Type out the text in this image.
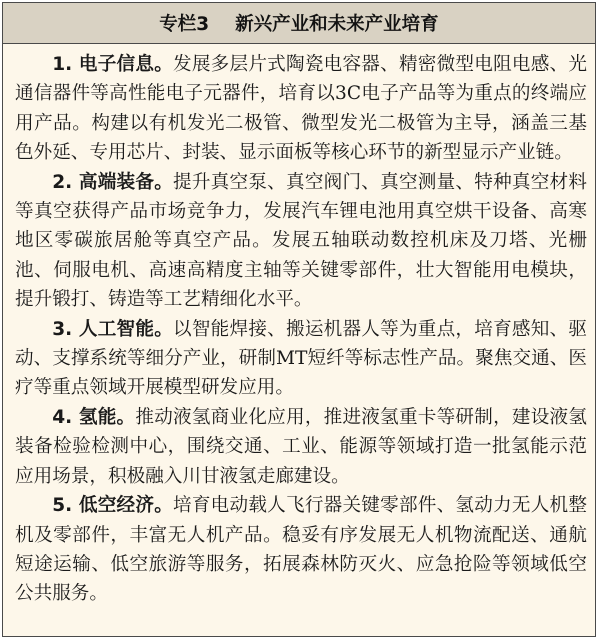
专栏3 新兴产业和未来产业培育

1. 电子信息。发展多层片式陶瓷电容器、精密微型电阻电感、光通信器件等高性能电子元器件，培育以3C电子产品等为重点的终端应用产品。构建以有机发光二极管、微型发光二极管为主导，涵盖三基色外延、专用芯片、封装、显示面板等核心环节的新型显示产业链。

2. 高端装备。提升真空泵、真空阀门、真空测量、特种真空材料等真空获得产品市场竞争力，发展汽车锂电池用真空烘干设备、高寒地区零碳旅居舱等真空产品。发展五轴联动数控机床及刀塔、光栅池、伺服电机、高速高精度主轴等关键零部件，壮大智能用电模块，提升锻打、铸造等工艺精细化水平。

3. 人工智能。以智能焊接、搬运机器人等为重点，培育感知、驱动、支撑系统等细分产业，研制MT短纤等标志性产品。聚焦交通、医疗等重点领域开展模型研发应用。

4. 氢能。推动液氢商业化应用，推进液氢重卡等研制，建设液氢装备检验检测中心，围绕交通、工业、能源等领域打造一批氢能示范应用场景，积极融入川甘液氢走廊建设。

5. 低空经济。培育电动载人飞行器关键零部件、氢动力无人机整机及零部件，丰富无人机产品。稳妥有序发展无人机物流配送、通航短途运输、低空旅游等服务，拓展森林防灭火、应急抢险等领域低空公共服务。
